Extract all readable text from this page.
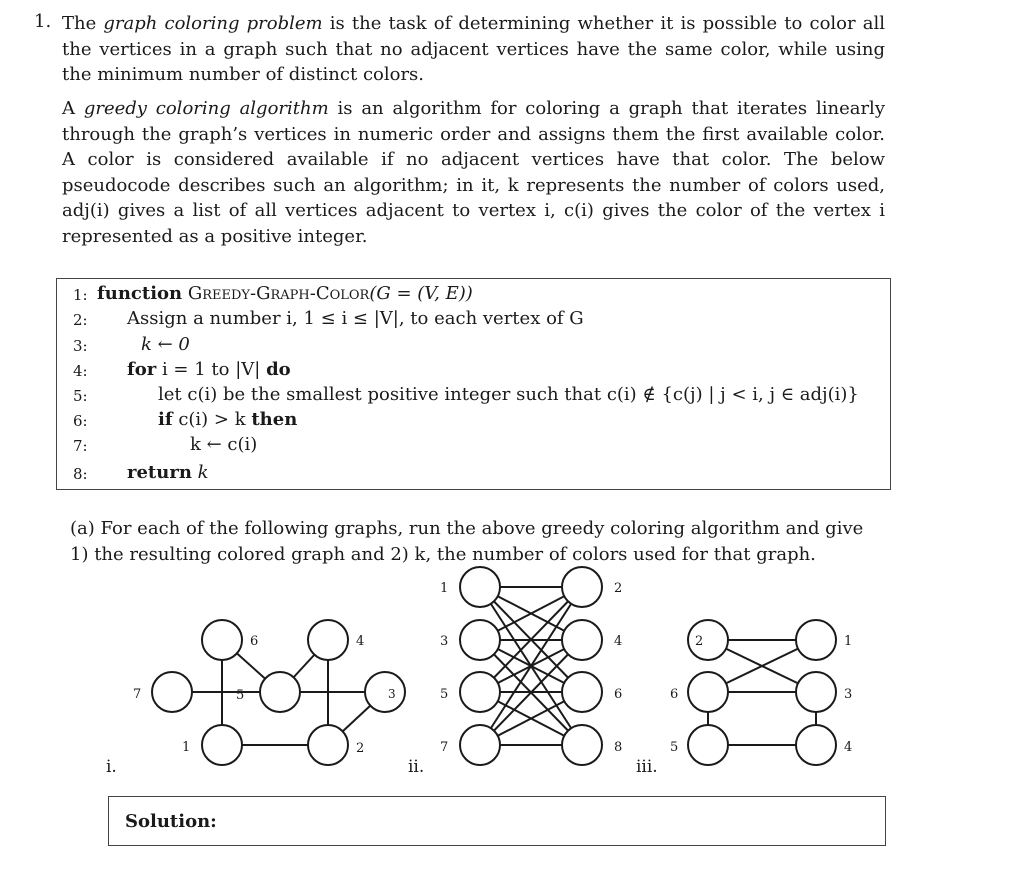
1. The graph coloring problem is the task of determining whether it is possible to color all the vertices in a graph such that no adjacent vertices have the same color, while using the minimum number of distinct colors.
A greedy coloring algorithm is an algorithm for coloring a graph that iterates linearly through the graph’s vertices in numeric order and assigns them the first available color. A color is considered available if no adjacent vertices have that color. The below pseudocode describes such an algorithm; in it, k represents the number of colors used, adj(i) gives a list of all vertices adjacent to vertex i, c(i) gives the color of the vertex i represented as a positive integer.
1: function Greedy-Graph-Color(G = (V, E))
2:	Assign a number i, 1 ≤ i ≤ |V|, to each vertex of G
3:	k ← 0
4:	for i = 1 to |V| do
5:	let c(i) be the smallest positive integer such that c(i) ∉ {c(j) | j < i, j ∈ adj(i)}
6:	if c(i) > k then
7:	k ← c(i)
8:	return k
(a) For each of the following graphs, run the above greedy coloring algorithm and give 1) the resulting colored graph and 2) k, the number of colors used for that graph.
7
6
5
4
3
1	2
i.
1
3
5
7
2
4
6
8
ii.
2
6
5
1
3
4
iii.
Solution:
